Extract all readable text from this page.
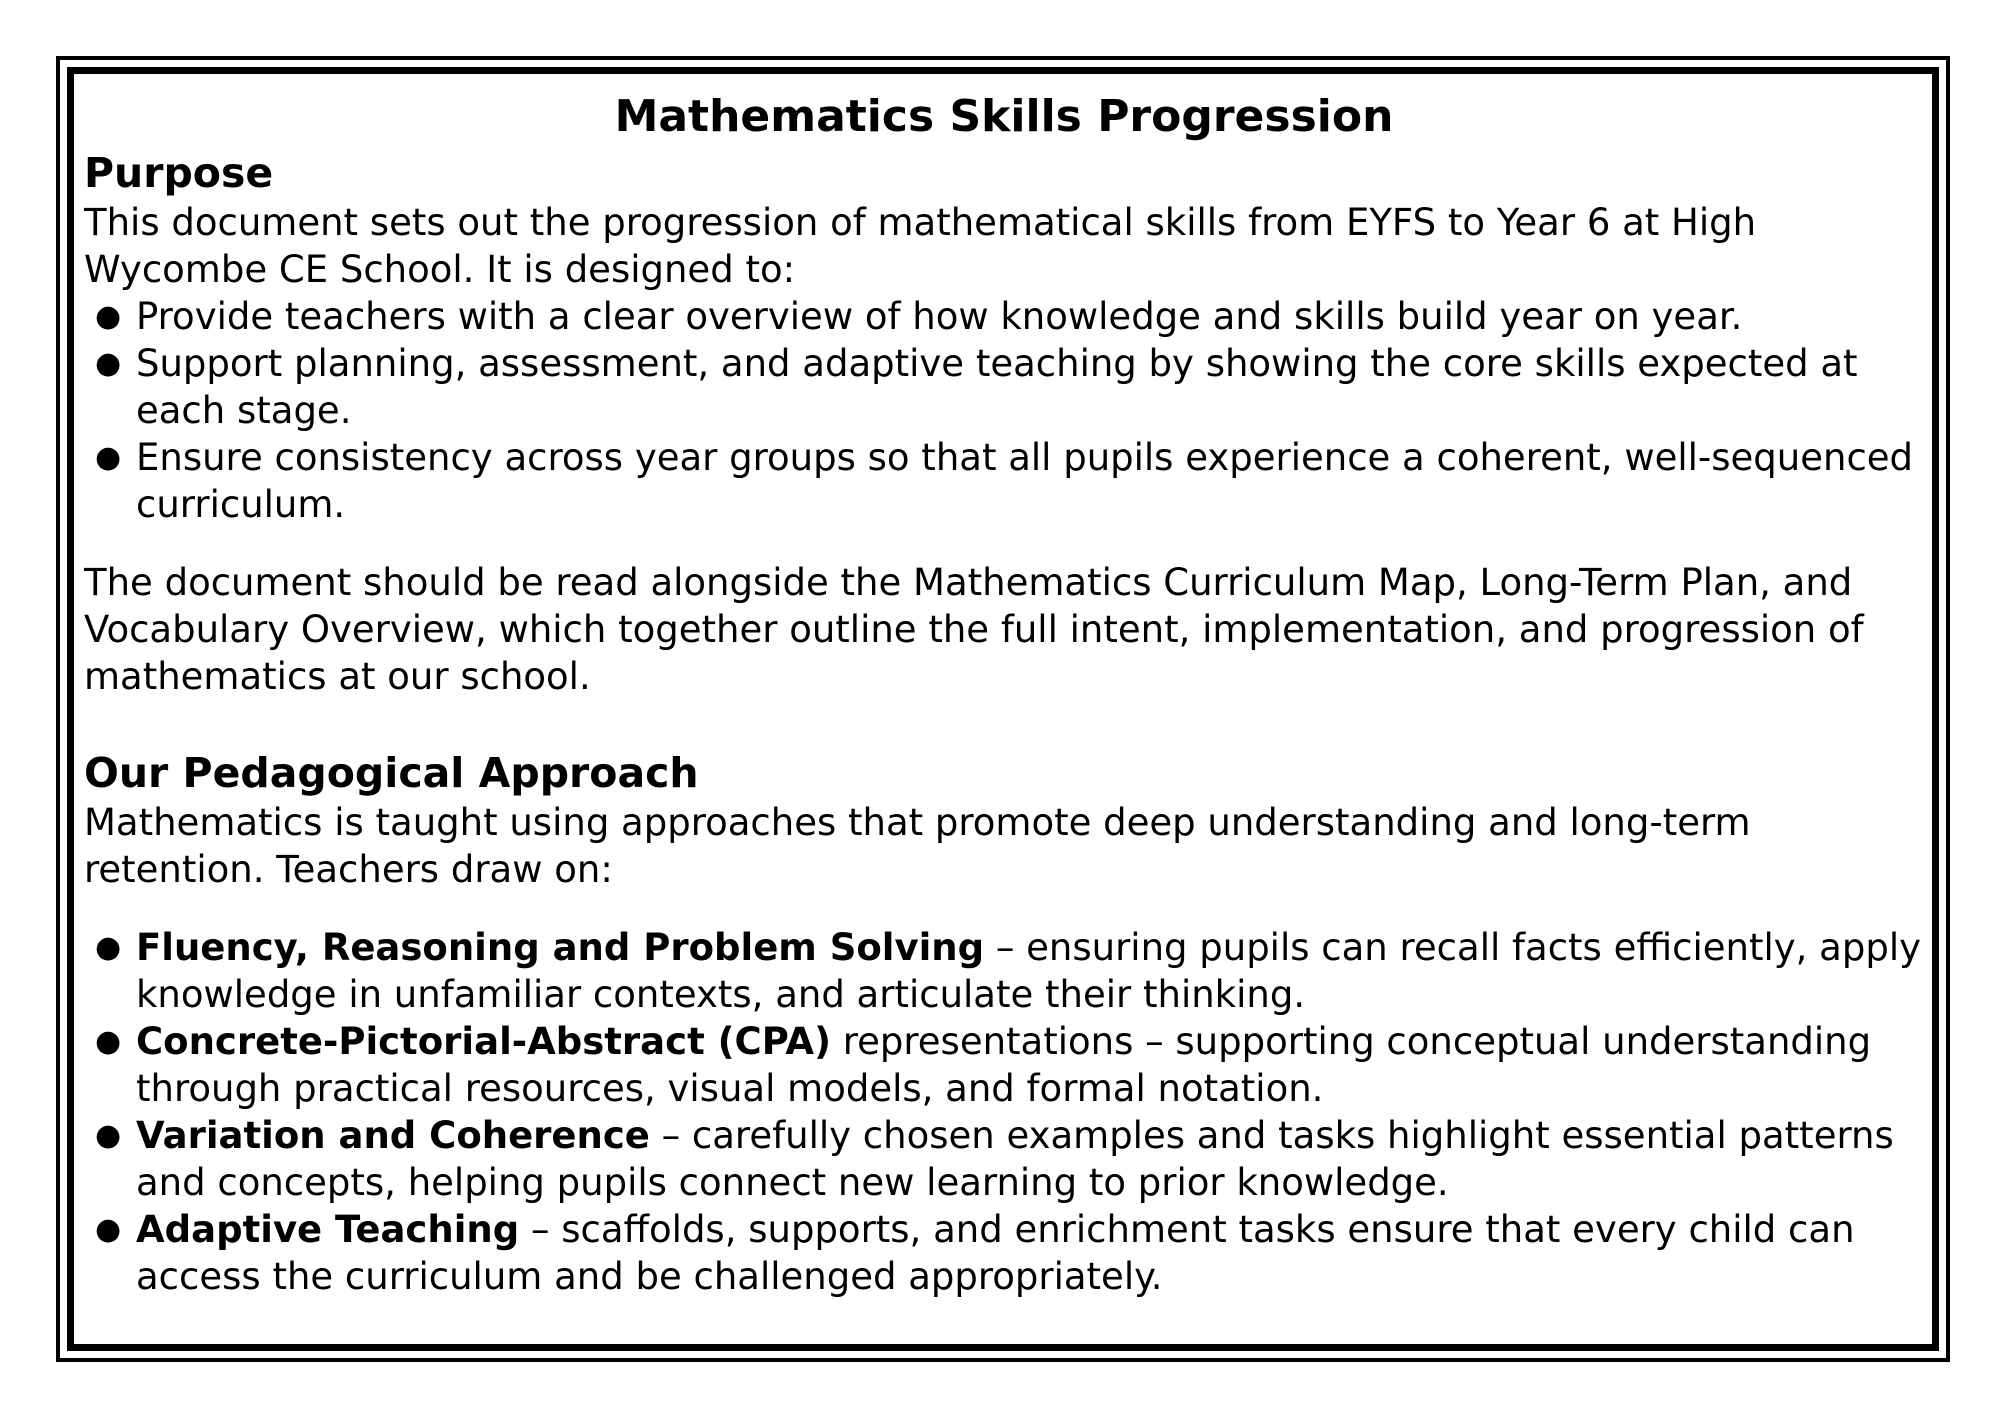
Mathematics Skills Progression
Purpose

This document sets out the progression of mathematical skills from EYFS to Year 6 at High Wycombe CE School. It is designed to:

● Provide teachers with a clear overview of how knowledge and skills build year on year.
● Support planning, assessment, and adaptive teaching by showing the core skills expected at each stage.
● Ensure consistency across year groups so that all pupils experience a coherent, well-sequenced curriculum.

The document should be read alongside the Mathematics Curriculum Map, Long-Term Plan, and Vocabulary Overview, which together outline the full intent, implementation, and progression of mathematics at our school.

Our Pedagogical Approach

Mathematics is taught using approaches that promote deep understanding and long-term retention. Teachers draw on:

● Fluency, Reasoning and Problem Solving – ensuring pupils can recall facts efficiently, apply knowledge in unfamiliar contexts, and articulate their thinking.
● Concrete-Pictorial-Abstract (CPA) representations – supporting conceptual understanding through practical resources, visual models, and formal notation.
● Variation and Coherence – carefully chosen examples and tasks highlight essential patterns and concepts, helping pupils connect new learning to prior knowledge.
● Adaptive Teaching – scaffolds, supports, and enrichment tasks ensure that every child can access the curriculum and be challenged appropriately.
